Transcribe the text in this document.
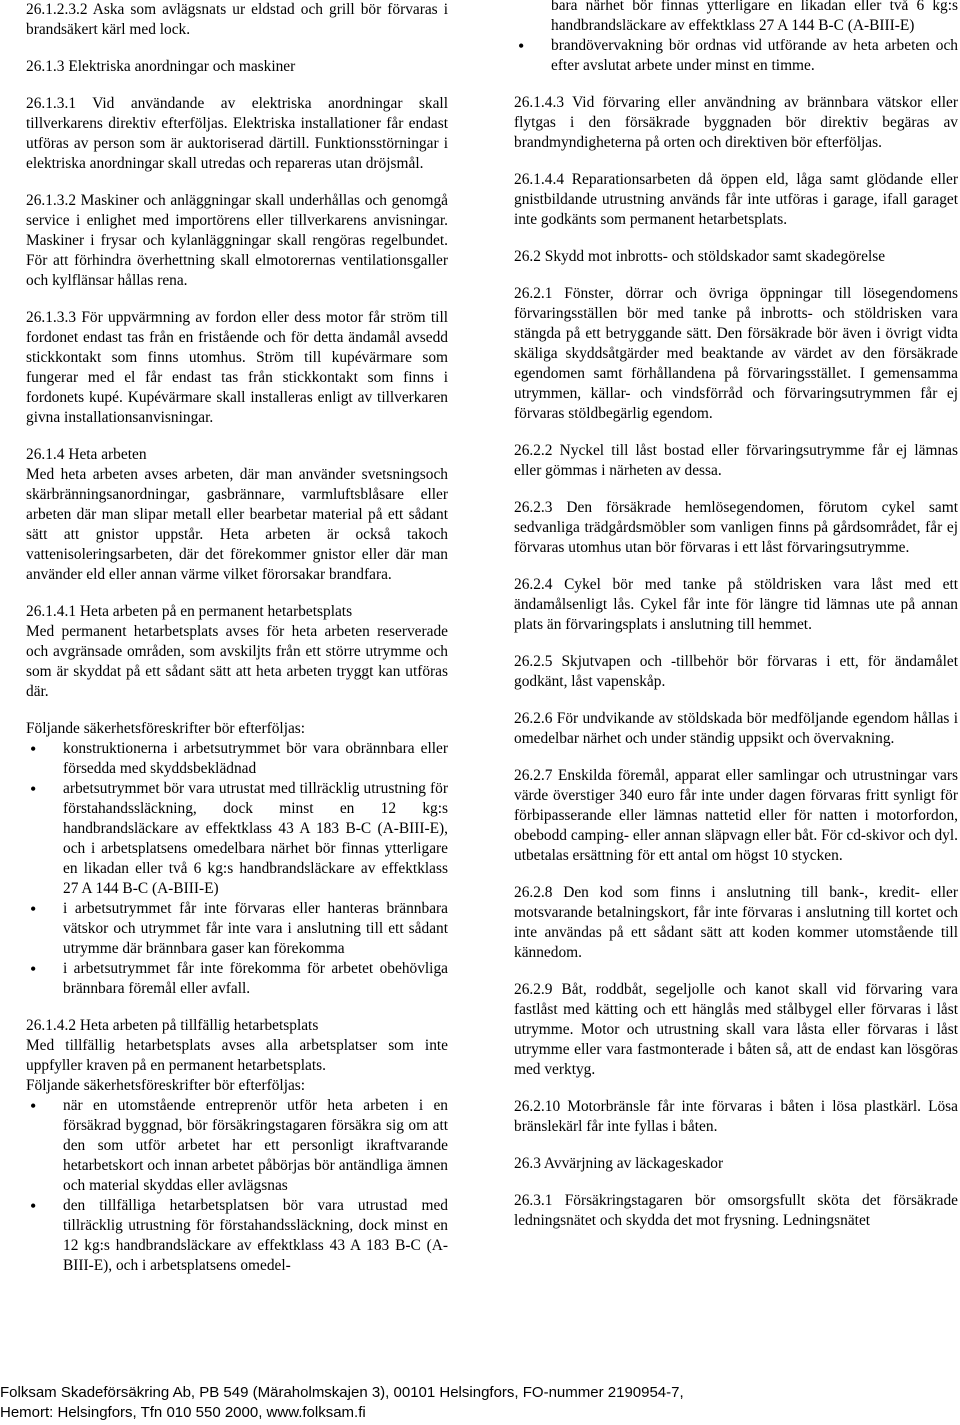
26.1.2.3.2 Aska som avlägsnats ur eldstad och grill bör förvaras i brandsäkert kärl med lock.
26.1.3 Elektriska anordningar och maskiner
26.1.3.1 Vid användande av elektriska anordningar skall tillverkarens direktiv efterföljas. Elektriska installationer får endast utföras av person som är auktoriserad därtill. Funktionsstörningar i elektriska anordningar skall utredas och repareras utan dröjsmål.
26.1.3.2 Maskiner och anläggningar skall underhållas och genomgå service i enlighet med importörens eller tillverkarens anvisningar. Maskiner i frysar och kylanläggningar skall rengöras regelbundet. För att förhindra överhettning skall elmotorernas ventilationsgaller och kylflänsar hållas rena.
26.1.3.3 För uppvärmning av fordon eller dess motor får ström till fordonet endast tas från en fristående och för detta ändamål avsedd stickkontakt som finns utomhus. Ström till kupévärmare som fungerar med el får endast tas från stickkontakt som finns i fordonets kupé. Kupévärmare skall installeras enligt av tillverkaren givna installationsanvisningar.
26.1.4 Heta arbeten
Med heta arbeten avses arbeten, där man använder svetsningsoch skärbränningsanordningar, gasbrännare, varmluftsblåsare eller arbeten där man slipar metall eller bearbetar material på ett sådant sätt att gnistor uppstår. Heta arbeten är också takoch vattenisoleringsarbeten, där det förekommer gnistor eller där man använder eld eller annan värme vilket förorsakar brandfara.
26.1.4.1 Heta arbeten på en permanent hetarbetsplats
Med permanent hetarbetsplats avses för heta arbeten reserverade och avgränsade områden, som avskiljts från ett större utrymme och som är skyddat på ett sådant sätt att heta arbeten tryggt kan utföras där.
Följande säkerhetsföreskrifter bör efterföljas:
• konstruktionerna i arbetsutrymmet bör vara obrännbara eller försedda med skyddsbeklädnad
• arbetsutrymmet bör vara utrustat med tillräcklig utrustning för förstahandssläckning, dock minst en 12 kg:s handbrandsläckare av effektklass 43 A 183 B-C (A-BIII-E), och i arbetsplatsens omedelbara närhet bör finnas ytterligare en likadan eller två 6 kg:s handbrandsläckare av effektklass 27 A 144 B-C (A-BIII-E)
• i arbetsutrymmet får inte förvaras eller hanteras brännbara vätskor och utrymmet får inte vara i anslutning till ett sådant utrymme där brännbara gaser kan förekomma
• i arbetsutrymmet får inte förekomma för arbetet obehövliga brännbara föremål eller avfall.
26.1.4.2 Heta arbeten på tillfällig hetarbetsplats
Med tillfällig hetarbetsplats avses alla arbetsplatser som inte uppfyller kraven på en permanent hetarbetsplats.
Följande säkerhetsföreskrifter bör efterföljas:
• när en utomstående entreprenör utför heta arbeten i en försäkrad byggnad, bör försäkringstagaren försäkra sig om att den som utför arbetet har ett personligt ikraftvarande hetarbetskort och innan arbetet påbörjas bör antändliga ämnen och material skyddas eller avlägsnas
• den tillfälliga hetarbetsplatsen bör vara utrustad med tillräcklig utrustning för förstahandssläckning, dock minst en 12 kg:s handbrandsläckare av effektklass 43 A 183 B-C (A-BIII-E), och i arbetsplatsens omedel-
bara närhet bör finnas ytterligare en likadan eller två 6 kg:s handbrandsläckare av effektklass 27 A 144 B-C (A-BIII-E)
• brandövervakning bör ordnas vid utförande av heta arbeten och efter avslutat arbete under minst en timme.
26.1.4.3 Vid förvaring eller användning av brännbara vätskor eller flytgas i den försäkrade byggnaden bör direktiv begäras av brandmyndigheterna på orten och direktiven bör efterföljas.
26.1.4.4 Reparationsarbeten då öppen eld, låga samt glödande eller gnistbildande utrustning används får inte utföras i garage, ifall garaget inte godkänts som permanent hetarbetsplats.
26.2 Skydd mot inbrotts- och stöldskador samt skadegörelse
26.2.1 Fönster, dörrar och övriga öppningar till lösegendomens förvaringsställen bör med tanke på inbrotts- och stöldrisken vara stängda på ett betryggande sätt. Den försäkrade bör även i övrigt vidta skäliga skyddsåtgärder med beaktande av värdet av den försäkrade egendomen samt förhållandena på förvaringsstället. I gemensamma utrymmen, källar- och vindsförråd och förvaringsutrymmen får ej förvaras stöldbegärlig egendom.
26.2.2 Nyckel till låst bostad eller förvaringsutrymme får ej lämnas eller gömmas i närheten av dessa.
26.2.3 Den försäkrade hemlösegendomen, förutom cykel samt sedvanliga trädgårdsmöbler som vanligen finns på gårdsområdet, får ej förvaras utomhus utan bör förvaras i ett låst förvaringsutrymme.
26.2.4 Cykel bör med tanke på stöldrisken vara låst med ett ändamålsenligt lås. Cykel får inte för längre tid lämnas ute på annan plats än förvaringsplats i anslutning till hemmet.
26.2.5 Skjutvapen och -tillbehör bör förvaras i ett, för ändamålet godkänt, låst vapenskåp.
26.2.6 För undvikande av stöldskada bör medföljande egendom hållas i omedelbar närhet och under ständig uppsikt och övervakning.
26.2.7 Enskilda föremål, apparat eller samlingar och utrustningar vars värde överstiger 340 euro får inte under dagen förvaras fritt synligt för förbipasserande eller lämnas nattetid eller för natten i motorfordon, obebodd camping- eller annan släpvagn eller båt. För cd-skivor och dyl. utbetalas ersättning för ett antal om högst 10 stycken.
26.2.8 Den kod som finns i anslutning till bank-, kredit- eller motsvarande betalningskort, får inte förvaras i anslutning till kortet och inte användas på ett sådant sätt att koden kommer utomstående till kännedom.
26.2.9 Båt, roddbåt, segeljolle och kanot skall vid förvaring vara fastlåst med kätting och ett hänglås med stålbygel eller förvaras i låst utrymme. Motor och utrustning skall vara låsta eller förvaras i låst utrymme eller vara fastmonterade i båten så, att de endast kan lösgöras med verktyg.
26.2.10 Motorbränsle får inte förvaras i båten i lösa plastkärl. Lösa bränslekärl får inte fyllas i båten.
26.3 Avvärjning av läckageskador
26.3.1 Försäkringstagaren bör omsorgsfullt sköta det försäkrade ledningsnätet och skydda det mot frysning. Ledningsnätet
Folksam Skadeförsäkring Ab, PB 549 (Märaholmskajen 3), 00101 Helsingfors, FO-nummer 2190954-7,
Hemort: Helsingfors, Tfn 010 550 2000, www.folksam.fi
